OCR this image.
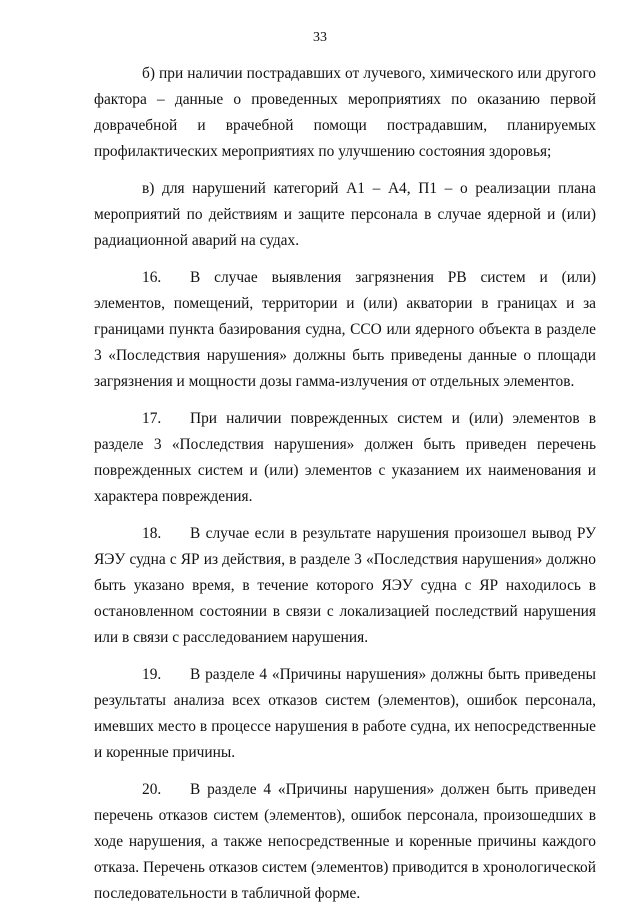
33

б) при наличии пострадавших от лучевого, химического или другого фактора – данные о проведенных мероприятиях по оказанию первой доврачебной и врачебной помощи пострадавшим, планируемых профилактических мероприятиях по улучшению состояния здоровья;

в) для нарушений категорий А1 – А4, П1 – о реализации плана мероприятий по действиям и защите персонала в случае ядерной и (или) радиационной аварий на судах.

16. В случае выявления загрязнения РВ систем и (или) элементов, помещений, территории и (или) акватории в границах и за границами пункта базирования судна, ССО или ядерного объекта в разделе 3 «Последствия нарушения» должны быть приведены данные о площади загрязнения и мощности дозы гамма-излучения от отдельных элементов.

17. При наличии поврежденных систем и (или) элементов в разделе 3 «Последствия нарушения» должен быть приведен перечень поврежденных систем и (или) элементов с указанием их наименования и характера повреждения.

18. В случае если в результате нарушения произошел вывод РУ ЯЭУ судна с ЯР из действия, в разделе 3 «Последствия нарушения» должно быть указано время, в течение которого ЯЭУ судна с ЯР находилось в остановленном состоянии в связи с локализацией последствий нарушения или в связи с расследованием нарушения.

19. В разделе 4 «Причины нарушения» должны быть приведены результаты анализа всех отказов систем (элементов), ошибок персонала, имевших место в процессе нарушения в работе судна, их непосредственные и коренные причины.

20. В разделе 4 «Причины нарушения» должен быть приведен перечень отказов систем (элементов), ошибок персонала, произошедших в ходе нарушения, а также непосредственные и коренные причины каждого отказа. Перечень отказов систем (элементов) приводится в хронологической последовательности в табличной форме.
